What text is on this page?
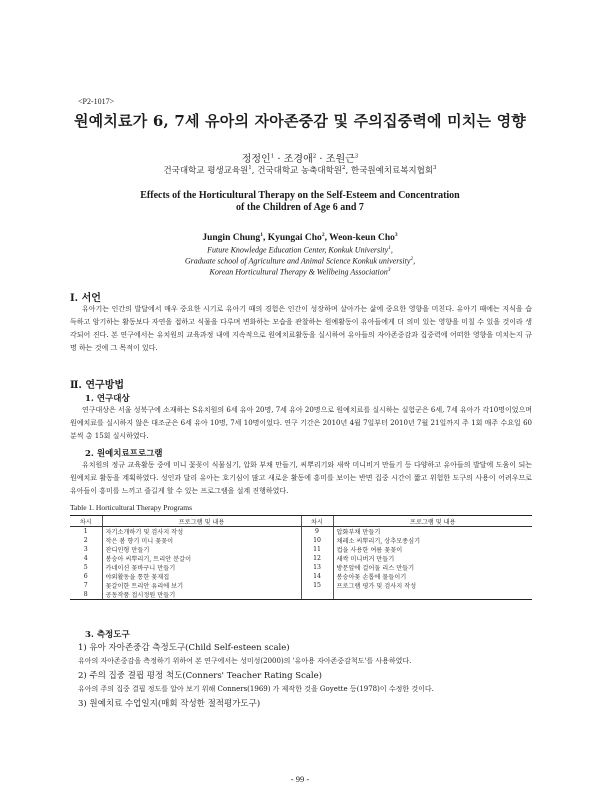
<P2-1017>
원예치료가 6, 7세 유아의 자아존중감 및 주의집중력에 미치는 영향
정정인$^1$ · 조경애$^2$ · 조원근$^3$
건국대학교 평생교육원$^1$, 건국대학교 농축대학원$^2$, 한국원예치료복지협회$^3$
Effects of the Horticultural Therapy on the Self-Esteem and Concentration
of the Children of Age 6 and 7
Jungin Chung$^1$, Kyungai Cho$^2$, Weon-keun Cho$^3$
Future Knowledge Education Center, Konkuk University$^1$,
Graduate school of Agriculture and Animal Science Konkuk university$^2$,
Korean Horticultural Therapy & Wellbeing Association$^3$
Ⅰ. 서언
유아기는 인간의 발달에서 매우 중요한 시기로 유아기 때의 경험은 인간이 성장하며 살아가는 삶에 중요한 영향을 미친다. 유아기 때에는 지식을 습득하고 암기하는 활동보다 자연을 접하고 식물을 다루며 변화하는 모습을 관찰하는 원예활동이 유아들에게 더 의미 있는 영향을 미칠 수 있을 것이라 생각되어 진다. 본 연구에서는 유치원의 교육과정 내에 지속적으로 원예치료활동을 실시하여 유아들의 자아존중감과 집중력에 어떠한 영향을 미치는지 규명 하는 것에 그 목적이 있다.
Ⅱ. 연구방법
1. 연구대상
연구대상은 서울 성북구에 소재하는 S유치원의 6세 유아 20명, 7세 유아 20명으로 원예치료를 실시하는 실험군은 6세, 7세 유아가 각10명이었으며 원예치료를 실시하지 않은 대조군은 6세 유아 10명, 7세 10명이었다. 연구 기간은 2010년 4월 7일부터 2010년 7월 21일까지 주 1회 매주 수요일 60분씩 총 15회 실시하였다.
2. 원예치료프로그램
유치원의 정규 교육활동 중에 미니 꽃꽂이 식물심기, 압화 부채 만들기, 씨뿌리기와 새싹 미니비거 만들기 등 다양하고 유아들의 발달에 도움이 되는 원예치료 활동을 계획하였다. 성인과 달리 유아는 호기심이 많고 새로운 활동에 흥미를 보이는 반면 집중 시간이 짧고 위험한 도구의 사용이 어려우므로 유아들이 흥미를 느끼고 즐길게 할 수 있는 프로그램을 설계 진행하였다.
Table 1. Horticultural Therapy Programs
차시	프로그램 및 내용	차시	프로그램 및 내용
1	자기소개하기 및 검사지 작성	9	압화부채 만들기
2	작은 봄 향기 미니 꽃꽂이	10	채레소 씨뿌리기, 상추모종심기
3	잔디인형 만들기	11	컵을 사용한 여름 꽃꽂이
4	봉숭아 씨뿌리기, 트리안 분갈이	12	새싹 미니버거 만들기
5	카네이션 꽃바구니 만들기	13	방문앞에 걸어둘 리스 만들기
6	야외활동을 통한 꽃재집	14	봉숭아꽃 손톱에 물들이기
7	꽃갈이한 트리안 유리에 보기	15	프로그램 평가 및 검사지 작성
8	공동작품 접시정원 만들기		
3. 측정도구
1) 유아 자아존중감 측정도구(Child Self-esteen scale)
유아의 자아존중감을 측정하기 위하여 본 연구에서는 성미성(2000)의 '유아용 자아존중감척도'를 사용하였다.
2) 주의 집중 결핍 평정 척도(Conners' Teacher Rating Scale)
유아의 주의 집중 결핍 정도를 알아 보기 위해 Conners(1969) 가 제작한 것을 Goyette 등(1978)이 수정한 것이다.
3) 원예치료 수업일지(매회 작성한 절적평가도구)
- 99 -
